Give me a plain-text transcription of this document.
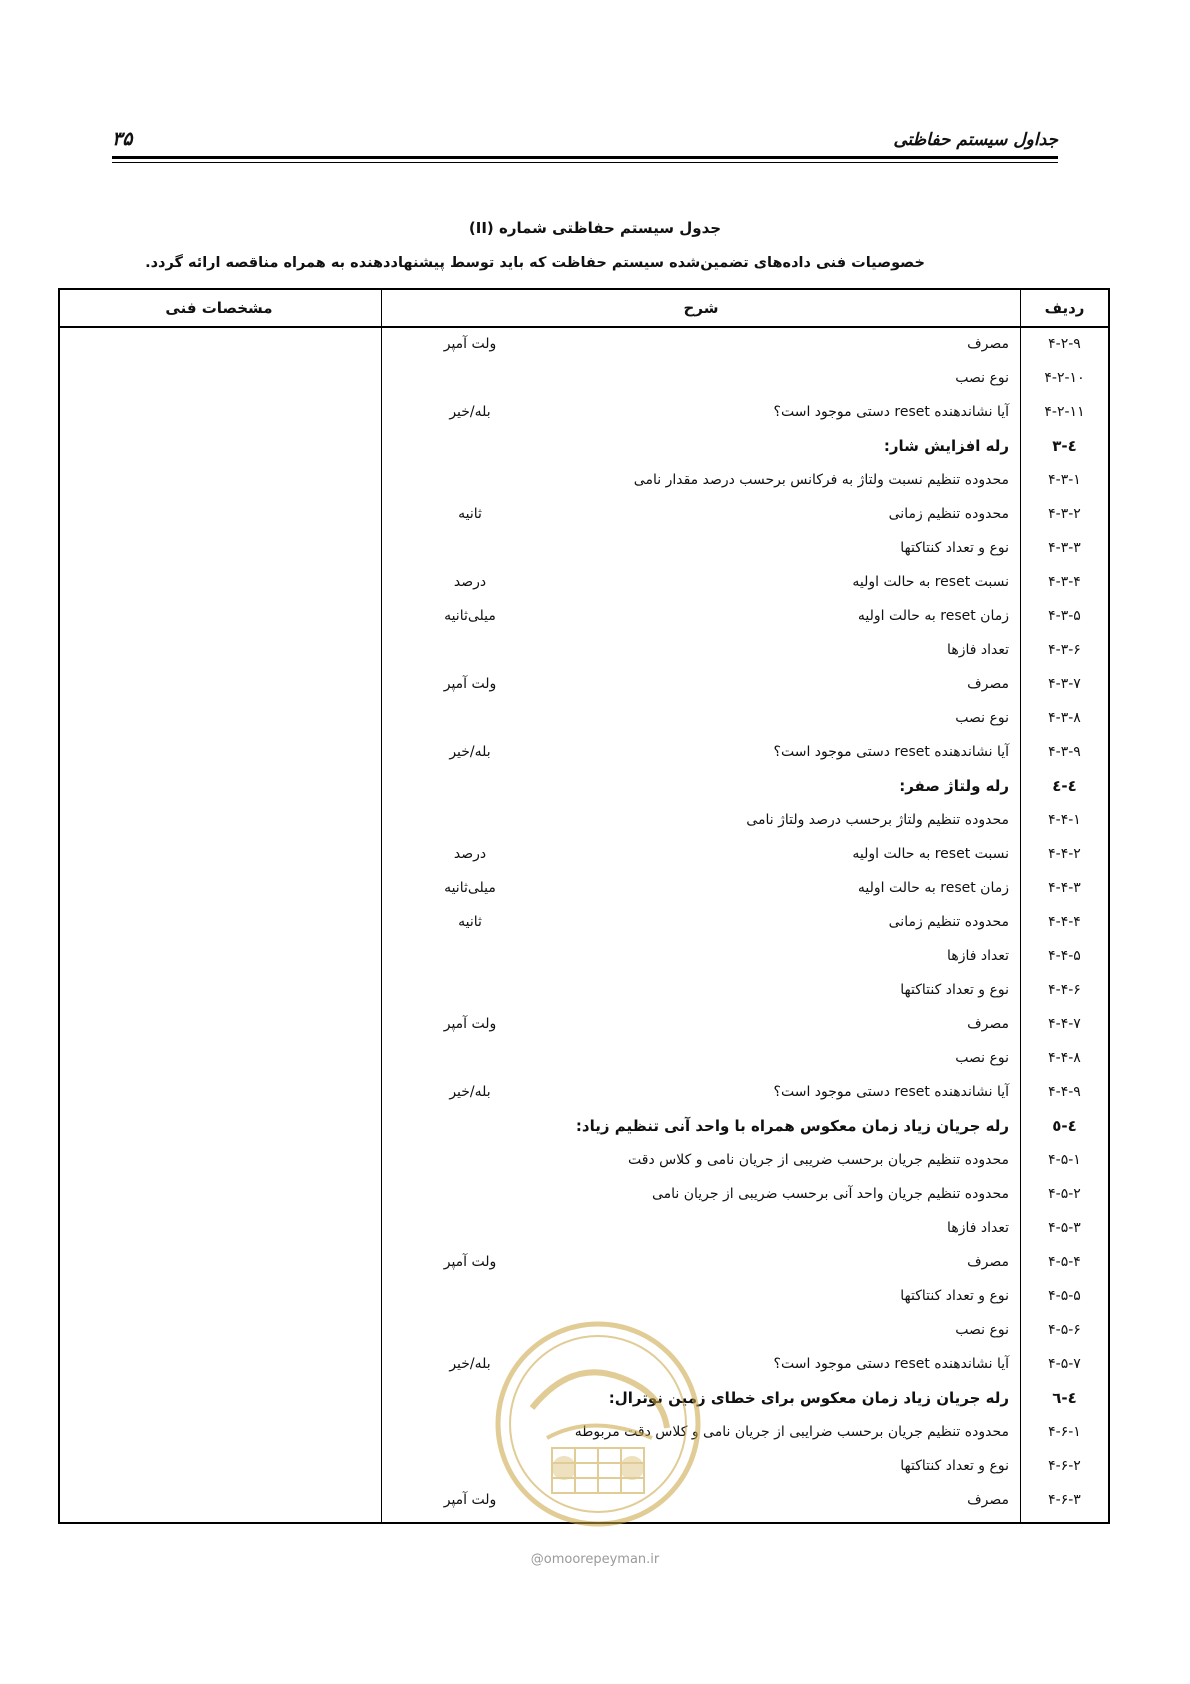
جداول سیستم حفاظتی
۳۵
جدول سیستم حفاظتی شماره (II)
خصوصیات فنی داده‌های تضمین‌شده سیستم حفاظت که باید توسط پیشنهاددهنده به همراه مناقصه ارائه گردد.
ردیف
شرح
مشخصات فنی
۴-۲-۹
مصرف
ولت آمپر
۴-۲-۱۰
نوع نصب
۴-۲-۱۱
آیا نشاندهنده reset دستی موجود است؟
بله/خیر
٤-۳
رله افزایش شار:
۴-۳-۱
محدوده تنظیم نسبت ولتاژ به فرکانس برحسب درصد مقدار نامی
۴-۳-۲
محدوده تنظیم زمانی
ثانیه
۴-۳-۳
نوع و تعداد کنتاکتها
۴-۳-۴
نسبت reset به حالت اولیه
درصد
۴-۳-۵
زمان reset به حالت اولیه
میلی‌ثانیه
۴-۳-۶
تعداد فازها
۴-۳-۷
مصرف
ولت آمپر
۴-۳-۸
نوع نصب
۴-۳-۹
آیا نشاندهنده reset دستی موجود است؟
بله/خیر
٤-٤
رله ولتاژ صفر:
۴-۴-۱
محدوده تنظیم ولتاژ برحسب درصد ولتاژ نامی
۴-۴-۲
نسبت reset به حالت اولیه
درصد
۴-۴-۳
زمان reset به حالت اولیه
میلی‌ثانیه
۴-۴-۴
محدوده تنظیم زمانی
ثانیه
۴-۴-۵
تعداد فازها
۴-۴-۶
نوع و تعداد کنتاکتها
۴-۴-۷
مصرف
ولت آمپر
۴-۴-۸
نوع نصب
۴-۴-۹
آیا نشاندهنده reset دستی موجود است؟
بله/خیر
٤-٥
رله جریان زیاد زمان معکوس همراه با واحد آنی تنظیم زیاد:
۴-۵-۱
محدوده تنظیم جریان برحسب ضریبی از جریان نامی و کلاس دقت
۴-۵-۲
محدوده تنظیم جریان واحد آنی برحسب ضریبی از جریان نامی
۴-۵-۳
تعداد فازها
۴-۵-۴
مصرف
ولت آمپر
۴-۵-۵
نوع و تعداد کنتاکتها
۴-۵-۶
نوع نصب
۴-۵-۷
آیا نشاندهنده reset دستی موجود است؟
بله/خیر
٤-٦
رله جریان زیاد زمان معکوس برای خطای زمین نوترال:
۴-۶-۱
محدوده تنظیم جریان برحسب ضرایبی از جریان نامی و کلاس دقت مربوطه
۴-۶-۲
نوع و تعداد کنتاکتها
۴-۶-۳
مصرف
ولت آمپر
@omoorepeyman.ir
